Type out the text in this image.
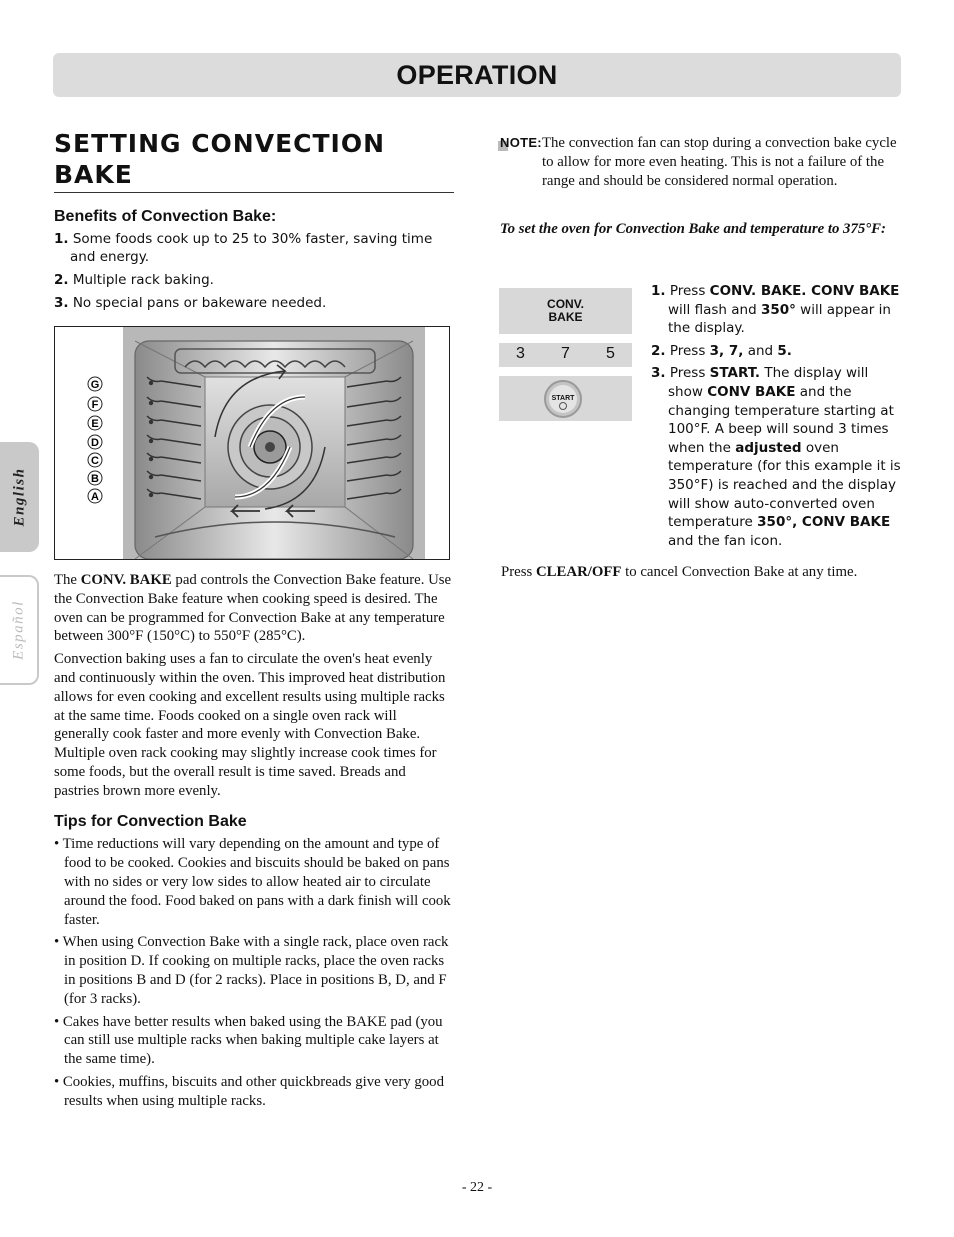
OPERATION
English
Español
SETTING CONVECTION BAKE
Benefits of Convection Bake:
1. Some foods cook up to 25 to 30% faster, saving time and energy.
2. Multiple rack baking.
3. No special pans or bakeware needed.
G
F
E
D
C
B
A

The CONV. BAKE pad controls the Convection Bake feature. Use the Convection Bake feature when cooking speed is desired. The oven can be programmed for Convection Bake at any temperature between 300°F (150°C) to 550°F (285°C).

Convection baking uses a fan to circulate the oven's heat evenly and continuously within the oven. This improved heat distribution allows for even cooking and excellent results using multiple racks at the same time. Foods cooked on a single oven rack will generally cook faster and more evenly with Convection Bake. Multiple oven rack cooking may slightly increase cook times for some foods, but the overall result is time saved. Breads and pastries brown more evenly.

Tips for Convection Bake
• Time reductions will vary depending on the amount and type of food to be cooked. Cookies and biscuits should be baked on pans with no sides or very low sides to allow heated air to circulate around the food. Food baked on pans with a dark finish will cook faster.
• When using Convection Bake with a single rack, place oven rack in position D. If cooking on multiple racks, place the oven racks in positions B and D (for 2 racks). Place in positions B, D, and F (for 3 racks).
• Cakes have better results when baked using the BAKE pad (you can still use multiple racks when baking multiple cake layers at the same time).
• Cookies, muffins, biscuits and other quickbreads give very good results when using multiple racks.
NOTE: The convection fan can stop during a convection bake cycle to allow for more even heating. This is not a failure of the range and should be considered normal operation.
To set the oven for Convection Bake and temperature to 375°F:
CONV.
BAKE
3 7 5
START
1. Press CONV. BAKE. CONV BAKE will flash and 350° will appear in the display.
2. Press 3, 7, and 5.
3. Press START. The display will show CONV BAKE and the changing temperature starting at 100°F. A beep will sound 3 times when the adjusted oven temperature (for this example it is 350°F) is reached and the display will show auto-converted oven temperature 350°, CONV BAKE and the fan icon.
Press CLEAR/OFF to cancel Convection Bake at any time.
- 22 -
